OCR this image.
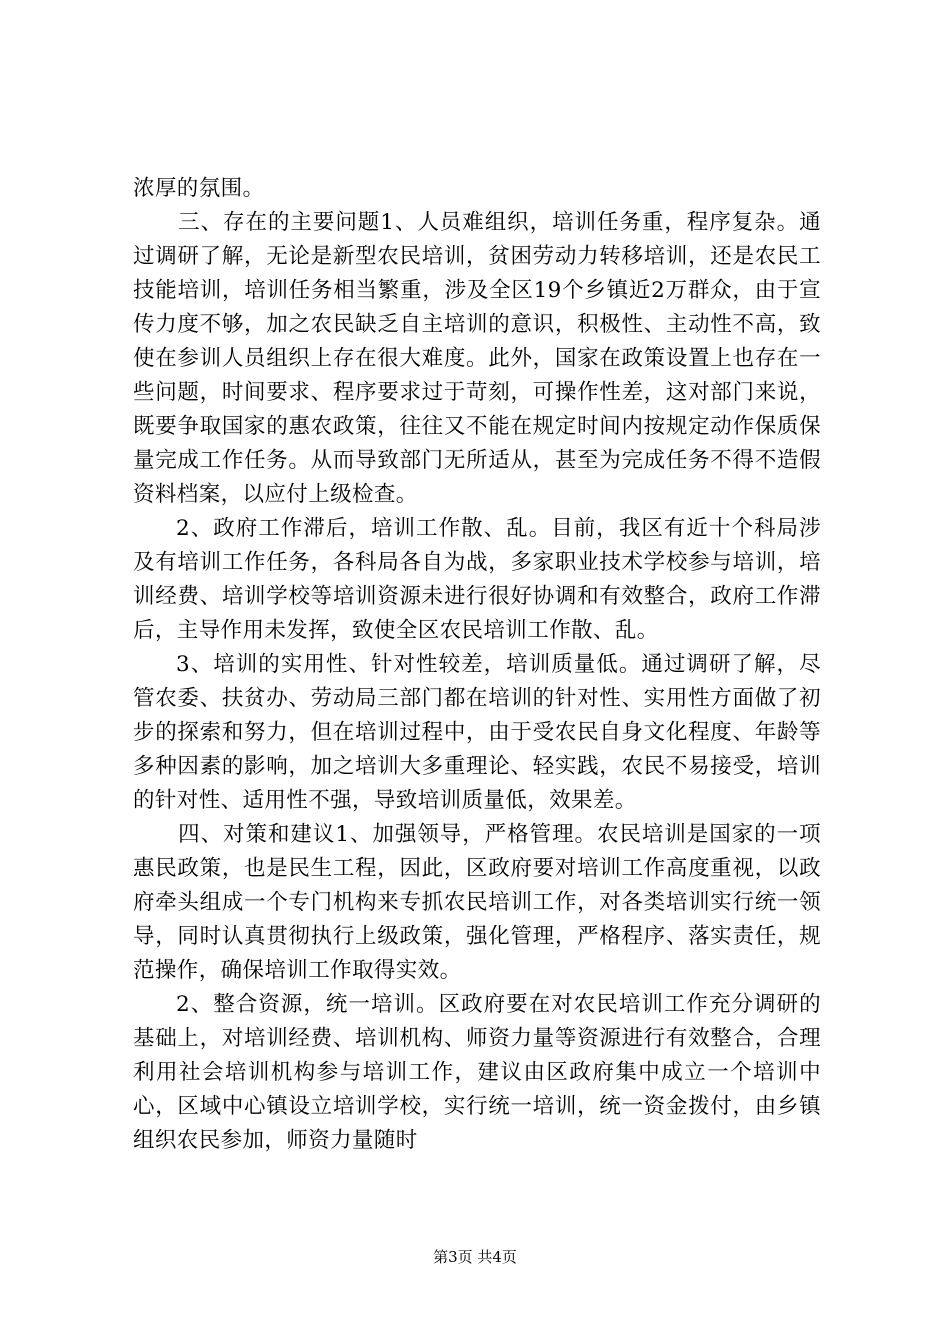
浓厚的氛围。

三、存在的主要问题1、人员难组织，培训任务重，程序复杂。通过调研了解，无论是新型农民培训，贫困劳动力转移培训，还是农民工技能培训，培训任务相当繁重，涉及全区19个乡镇近2万群众，由于宣传力度不够，加之农民缺乏自主培训的意识，积极性、主动性不高，致使在参训人员组织上存在很大难度。此外，国家在政策设置上也存在一些问题，时间要求、程序要求过于苛刻，可操作性差，这对部门来说，既要争取国家的惠农政策，往往又不能在规定时间内按规定动作保质保量完成工作任务。从而导致部门无所适从，甚至为完成任务不得不造假资料档案，以应付上级检查。

2、政府工作滞后，培训工作散、乱。目前，我区有近十个科局涉及有培训工作任务，各科局各自为战，多家职业技术学校参与培训，培训经费、培训学校等培训资源未进行很好协调和有效整合，政府工作滞后，主导作用未发挥，致使全区农民培训工作散、乱。

3、培训的实用性、针对性较差，培训质量低。通过调研了解，尽管农委、扶贫办、劳动局三部门都在培训的针对性、实用性方面做了初步的探索和努力，但在培训过程中，由于受农民自身文化程度、年龄等多种因素的影响，加之培训大多重理论、轻实践，农民不易接受，培训的针对性、适用性不强，导致培训质量低，效果差。

四、对策和建议1、加强领导，严格管理。农民培训是国家的一项惠民政策，也是民生工程，因此，区政府要对培训工作高度重视，以政府牵头组成一个专门机构来专抓农民培训工作，对各类培训实行统一领导，同时认真贯彻执行上级政策，强化管理，严格程序、落实责任，规范操作，确保培训工作取得实效。

2、整合资源，统一培训。区政府要在对农民培训工作充分调研的基础上，对培训经费、培训机构、师资力量等资源进行有效整合，合理利用社会培训机构参与培训工作，建议由区政府集中成立一个培训中心，区域中心镇设立培训学校，实行统一培训，统一资金拨付，由乡镇组织农民参加，师资力量随时

第3页 共4页
